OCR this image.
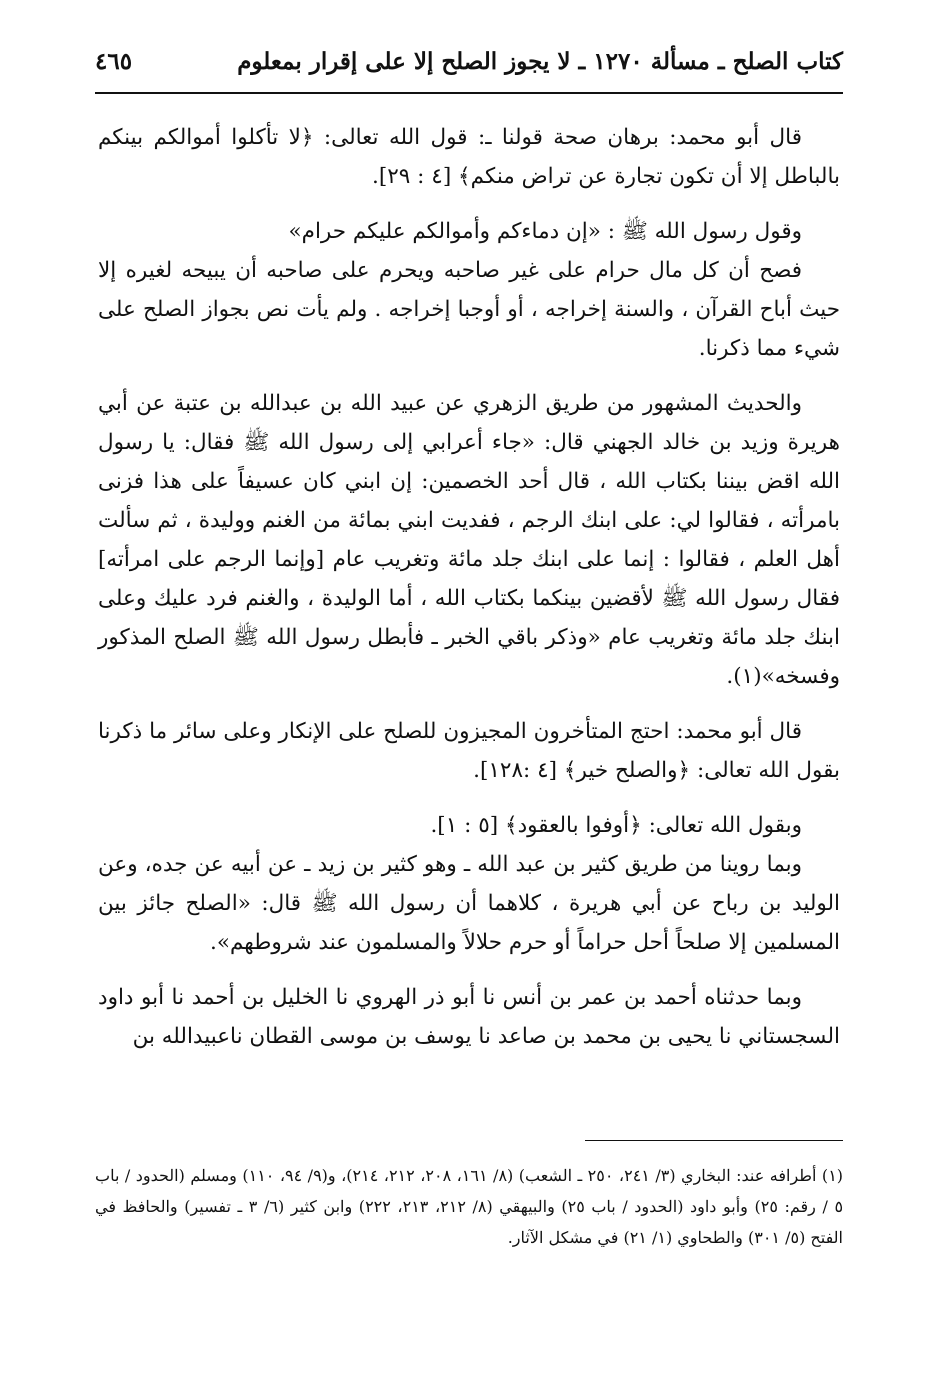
كتاب الصلح ـ مسألة ١٢٧٠ ـ لا يجوز الصلح إلا على إقرار بمعلوم
٤٦٥

قال أبو محمد: برهان صحة قولنا ـ: قول الله تعالى: ﴿لا تأكلوا أموالكم بينكم بالباطل إلا أن تكون تجارة عن تراض منكم﴾ [٤ : ٢٩].

وقول رسول الله ﷺ : «إن دماءكم وأموالكم عليكم حرام»

فصح أن كل مال حرام على غير صاحبه ويحرم على صاحبه أن يبيحه لغيره إلا حيث أباح القرآن ، والسنة إخراجه ، أو أوجبا إخراجه . ولم يأت نص بجواز الصلح على شيء مما ذكرنا.

والحديث المشهور من طريق الزهري عن عبيد الله بن عبدالله بن عتبة عن أبي هريرة وزيد بن خالد الجهني قال: «جاء أعرابي إلى رسول الله ﷺ فقال: يا رسول الله اقض بيننا بكتاب الله ، قال أحد الخصمين: إن ابني كان عسيفاً على هذا فزنى بامرأته ، فقالوا لي: على ابنك الرجم ، ففديت ابني بمائة من الغنم ووليدة ، ثم سألت أهل العلم ، فقالوا : إنما على ابنك جلد مائة وتغريب عام [وإنما الرجم على امرأته] فقال رسول الله ﷺ لأقضين بينكما بكتاب الله ، أما الوليدة ، والغنم فرد عليك وعلى ابنك جلد مائة وتغريب عام «وذكر باقي الخبر ـ فأبطل رسول الله ﷺ الصلح المذكور وفسخه»(١).

قال أبو محمد: احتج المتأخرون المجيزون للصلح على الإنكار وعلى سائر ما ذكرنا بقول الله تعالى: ﴿والصلح خير﴾ [٤ :١٢٨].

وبقول الله تعالى: ﴿أوفوا بالعقود﴾ [٥ : ١].

وبما روينا من طريق كثير بن عبد الله ـ وهو كثير بن زيد ـ عن أبيه عن جده، وعن الوليد بن رباح عن أبي هريرة ، كلاهما أن رسول الله ﷺ قال: «الصلح جائز بين المسلمين إلا صلحاً أحل حراماً أو حرم حلالاً والمسلمون عند شروطهم».

وبما حدثناه أحمد بن عمر بن أنس نا أبو ذر الهروي نا الخليل بن أحمد نا أبو داود السجستاني نا يحيى بن محمد بن صاعد نا يوسف بن موسى القطان ناعبيدالله بن

(١) أطرافه عند: البخاري (٣/ ٢٤١، ٢٥٠ ـ الشعب) (٨/ ١٦١، ٢٠٨، ٢١٢، ٢١٤)، و(٩/ ٩٤، ١١٠) ومسلم (الحدود / باب ٥ / رقم: ٢٥) وأبو داود (الحدود / باب ٢٥) والبيهقي (٨/ ٢١٢، ٢١٣، ٢٢٢) وابن كثير (٦/ ٣ ـ تفسير) والحافظ في الفتح (٥/ ٣٠١) والطحاوي (١/ ٢١) في مشكل الآثار.
